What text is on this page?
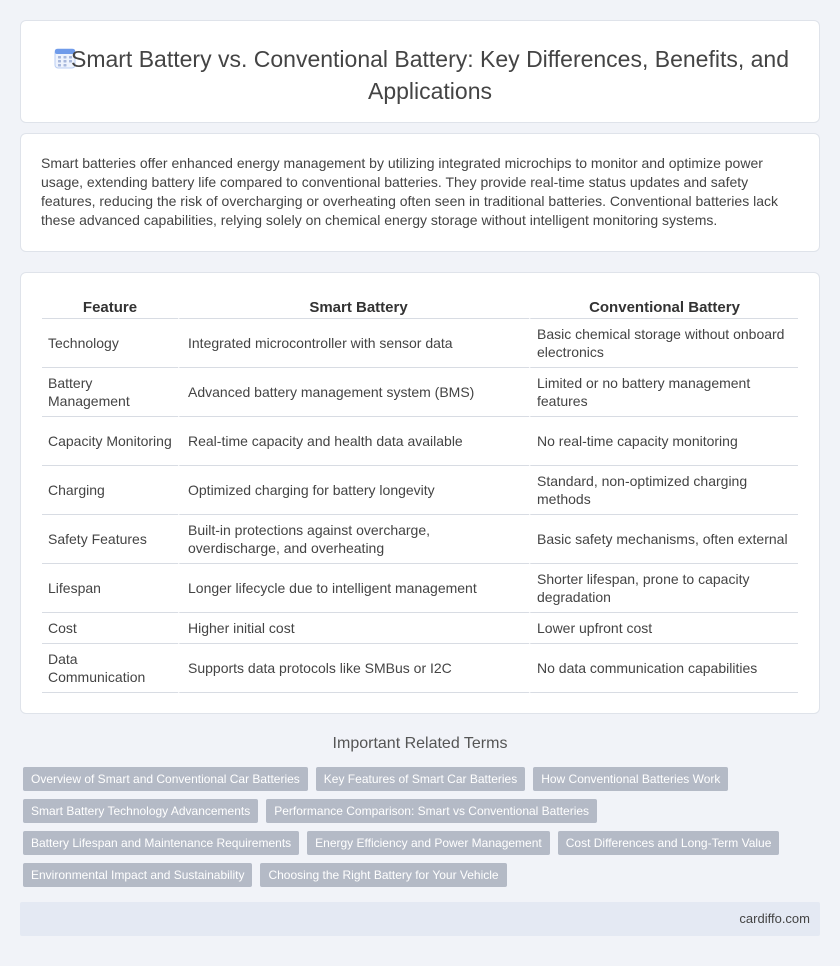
Smart Battery vs. Conventional Battery: Key Differences, Benefits, and Applications

Smart batteries offer enhanced energy management by utilizing integrated microchips to monitor and optimize power usage, extending battery life compared to conventional batteries. They provide real-time status updates and safety features, reducing the risk of overcharging or overheating often seen in traditional batteries. Conventional batteries lack these advanced capabilities, relying solely on chemical energy storage without intelligent monitoring systems.

Feature	Smart Battery	Conventional Battery
Technology	Integrated microcontroller with sensor data	Basic chemical storage without onboard electronics
Battery Management	Advanced battery management system (BMS)	Limited or no battery management features
Capacity Monitoring	Real-time capacity and health data available	No real-time capacity monitoring
Charging	Optimized charging for battery longevity	Standard, non-optimized charging methods
Safety Features	Built-in protections against overcharge, overdischarge, and overheating	Basic safety mechanisms, often external
Lifespan	Longer lifecycle due to intelligent management	Shorter lifespan, prone to capacity degradation
Cost	Higher initial cost	Lower upfront cost
Data Communication	Supports data protocols like SMBus or I2C	No data communication capabilities
Important Related Terms
Overview of Smart and Conventional Car Batteries	Key Features of Smart Car Batteries	How Conventional Batteries Work
Smart Battery Technology Advancements	Performance Comparison: Smart vs Conventional Batteries
Battery Lifespan and Maintenance Requirements	Energy Efficiency and Power Management	Cost Differences and Long-Term Value
Environmental Impact and Sustainability	Choosing the Right Battery for Your Vehicle
cardiffo.com
